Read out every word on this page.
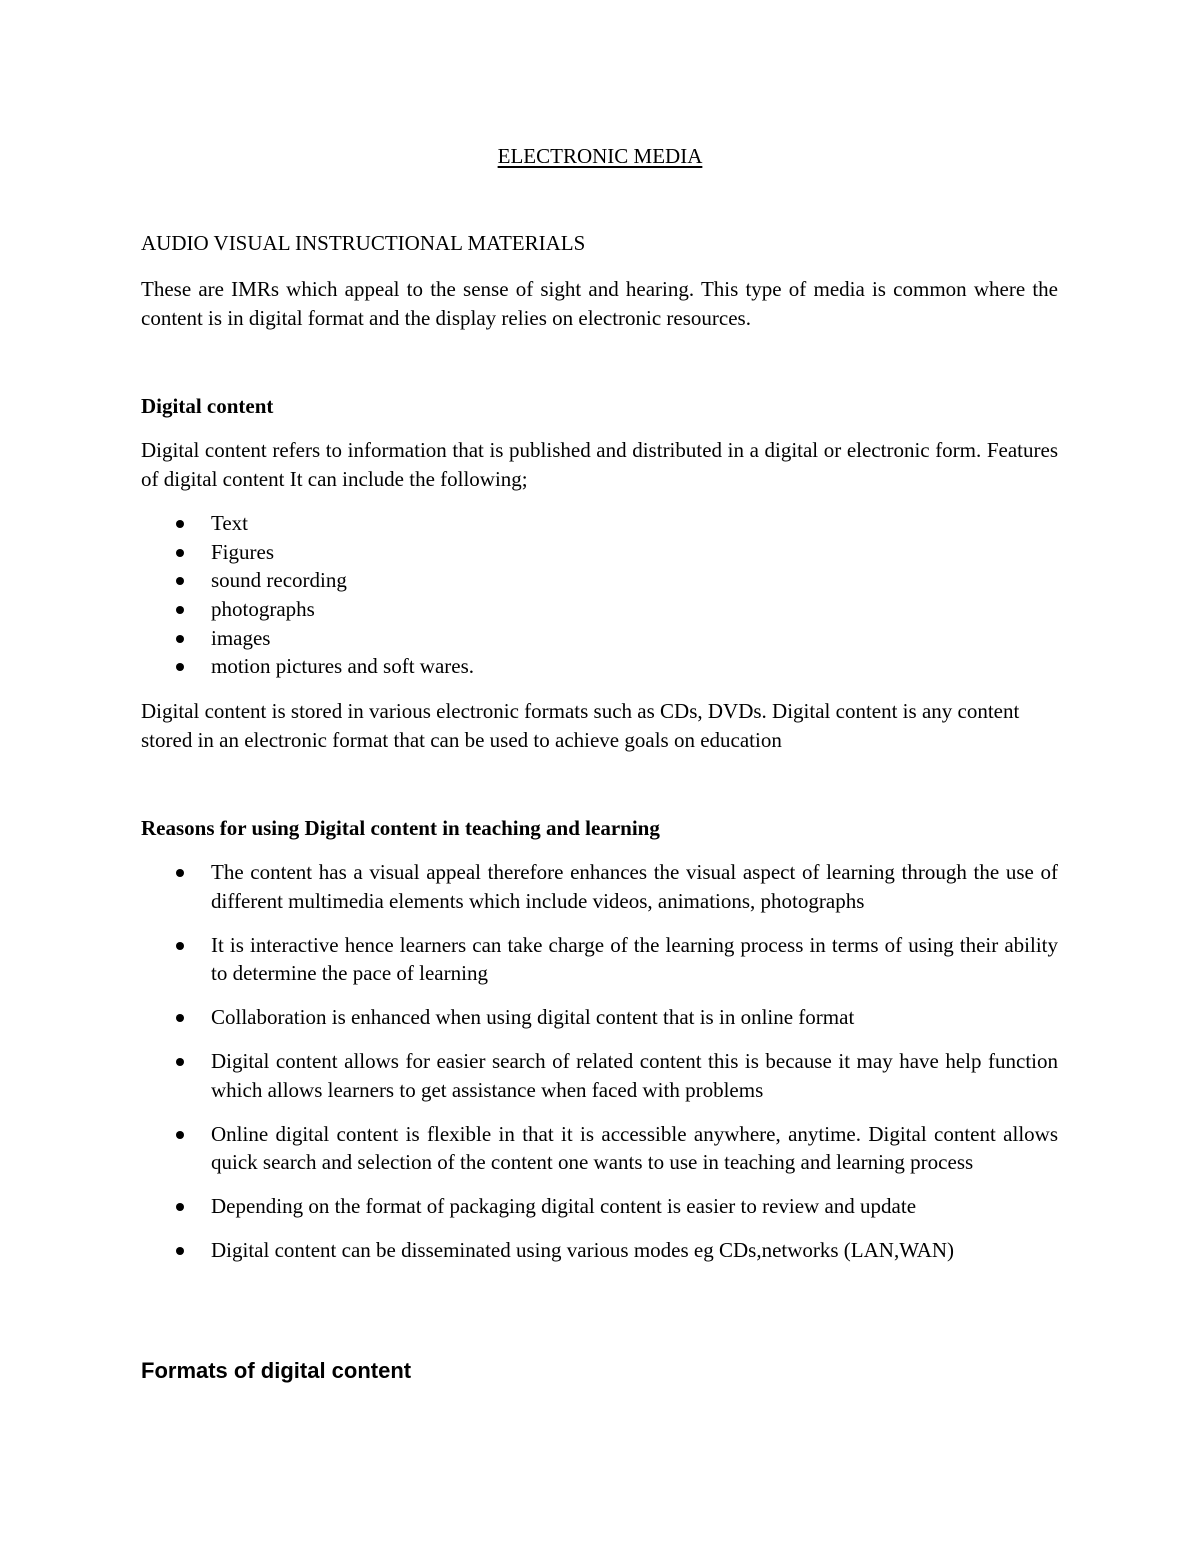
ELECTRONIC MEDIA
AUDIO VISUAL INSTRUCTIONAL MATERIALS
These are IMRs which appeal to the sense of sight and hearing. This type of media is common where the content is in digital format and the display relies on electronic resources.
Digital content
Digital content refers to information that is published and distributed in a digital or electronic form. Features of digital content It can include the following;
Text
Figures
sound recording
photographs
images
motion pictures and soft wares.
Digital content is stored in various electronic formats such as CDs, DVDs. Digital content is any content stored in an electronic format that can be used to achieve goals on education
Reasons for using Digital content in teaching and learning
The content has a visual appeal therefore enhances the visual aspect of learning through the use of different multimedia elements which include videos, animations, photographs
It is interactive hence learners can take charge of the learning process in terms of using their ability to determine the pace of learning
Collaboration is enhanced when using digital content that is in online format
Digital content allows for easier search of related content this is because it may have help function which allows learners to get assistance when faced with problems
Online digital content is flexible in that it is accessible anywhere, anytime. Digital content allows quick search and selection of the content one wants to use in teaching and learning process
Depending on the format of packaging digital content is easier to review and update
Digital content can be disseminated using various modes eg CDs,networks (LAN,WAN)
Formats of digital content
